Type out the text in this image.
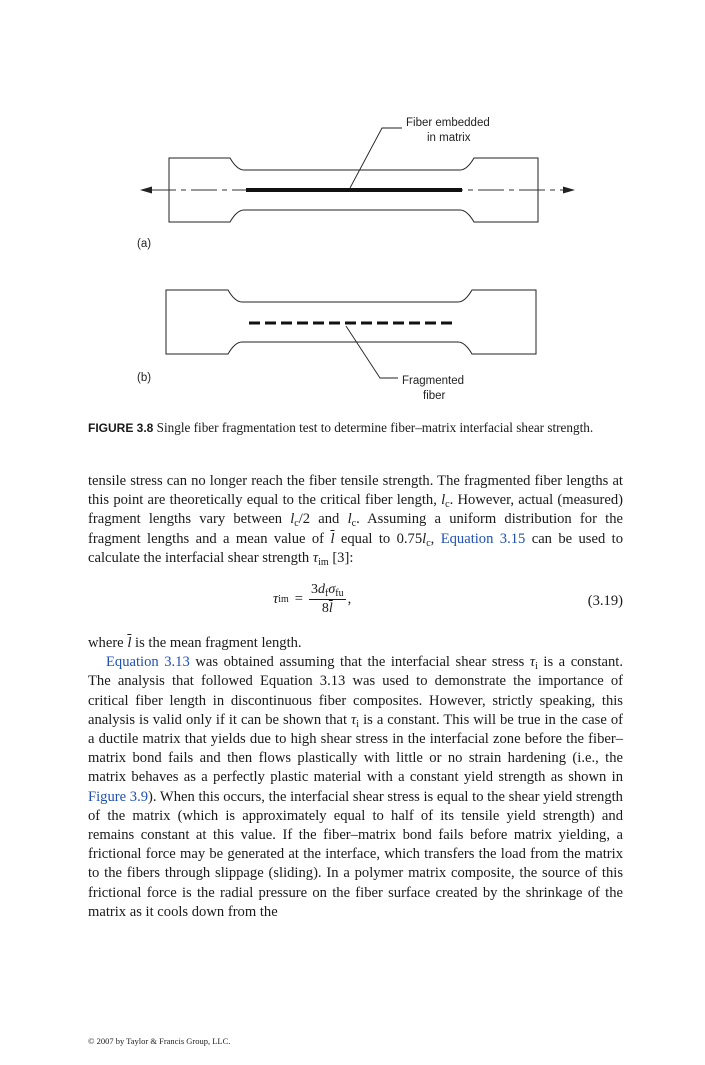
Fiber embedded
in matrix
(a)
Fragmented
fiber
(b)
FIGURE 3.8 Single fiber fragmentation test to determine fiber–matrix interfacial shear strength.

tensile stress can no longer reach the fiber tensile strength. The fragmented fiber lengths at this point are theoretically equal to the critical fiber length, $l_c$. However, actual (measured) fragment lengths vary between $l_c/2$ and $l_c$. Assuming a uniform distribution for the fragment lengths and a mean value of $\overline{l}$ equal to $0.75l_c$, Equation 3.15 can be used to calculate the interfacial shear strength $\tau_{im}$ [3]:

τ im = $\frac{3d_f\sigma_{fu}}{8\overline{l}}$ ,	(3.19)

where $\overline{l}$ is the mean fragment length.

Equation 3.13 was obtained assuming that the interfacial shear stress $\tau_i$ is a constant. The analysis that followed Equation 3.13 was used to demonstrate the importance of critical fiber length in discontinuous fiber composites. However, strictly speaking, this analysis is valid only if it can be shown that $\tau_i$ is a constant. This will be true in the case of a ductile matrix that yields due to high shear stress in the interfacial zone before the fiber–matrix bond fails and then flows plastically with little or no strain hardening (i.e., the matrix behaves as a perfectly plastic material with a constant yield strength as shown in Figure 3.9). When this occurs, the interfacial shear stress is equal to the shear yield strength of the matrix (which is approximately equal to half of its tensile yield strength) and remains constant at this value. If the fiber–matrix bond fails before matrix yielding, a frictional force may be generated at the interface, which transfers the load from the matrix to the fibers through slippage (sliding). In a polymer matrix composite, the source of this frictional force is the radial pressure on the fiber surface created by the shrinkage of the matrix as it cools down from the

© 2007 by Taylor & Francis Group, LLC.
